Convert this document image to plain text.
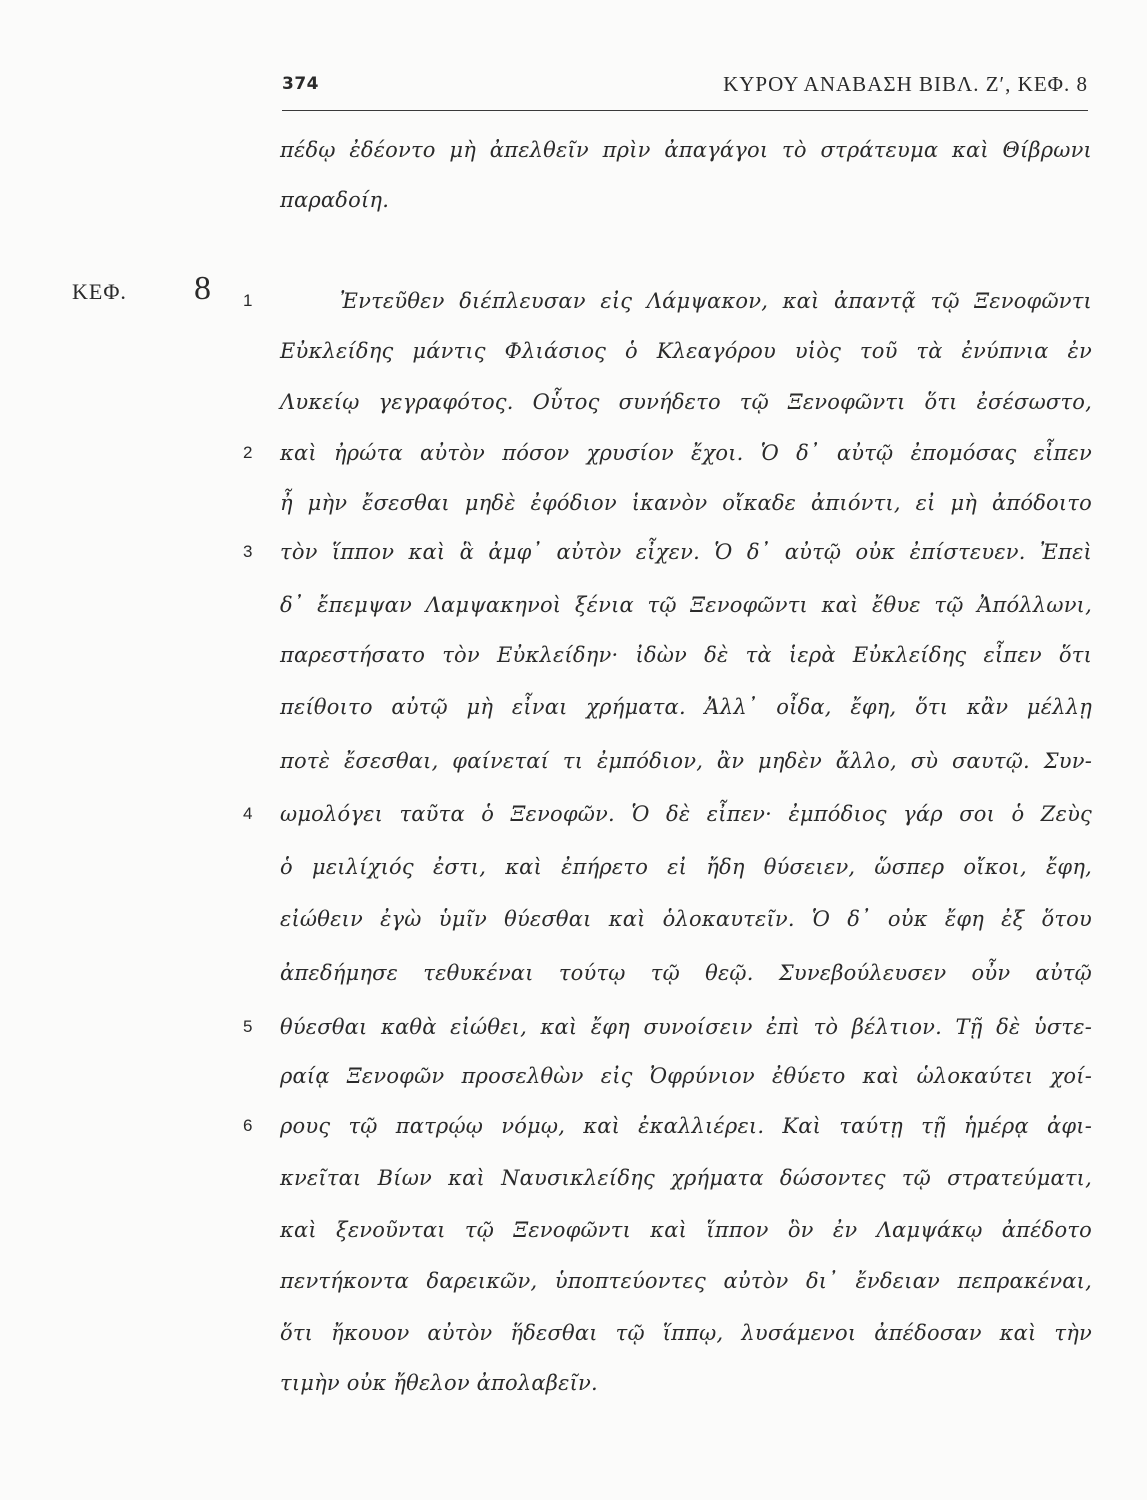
374	ΚΥΡΟΥ ΑΝΑΒΑΣΗ ΒΙΒΛ. Ζʹ, ΚΕΦ. 8
ΚΕΦ. 8 1
2
3
4
5
6
πέδῳ ἐδέοντο μὴ ἀπελθεῖν πρὶν ἀπαγάγοι τὸ στράτευμα καὶ Θίβρωνι
παραδοίη.
Ἐντεῦθεν διέπλευσαν εἰς Λάμψακον, καὶ ἀπαντᾷ τῷ Ξενοφῶντι
Εὐκλείδης μάντις Φλιάσιος ὁ Κλεαγόρου υἱὸς τοῦ τὰ ἐνύπνια ἐν
Λυκείῳ γεγραφότος. Οὗτος συνήδετο τῷ Ξενοφῶντι ὅτι ἐσέσωστο,
καὶ ἠρώτα αὐτὸν πόσον χρυσίον ἔχοι. Ὁ δ᾽ αὐτῷ ἐπομόσας εἶπεν
ἦ μὴν ἔσεσθαι μηδὲ ἐφόδιον ἱκανὸν οἴκαδε ἀπιόντι, εἰ μὴ ἀπόδοιτο
τὸν ἵππον καὶ ἃ ἀμφ᾽ αὐτὸν εἶχεν. Ὁ δ᾽ αὐτῷ οὐκ ἐπίστευεν. Ἐπεὶ
δ᾽ ἔπεμψαν Λαμψακηνοὶ ξένια τῷ Ξενοφῶντι καὶ ἔθυε τῷ Ἀπόλλωνι,
παρεστήσατο τὸν Εὐκλείδην· ἰδὼν δὲ τὰ ἱερὰ Εὐκλείδης εἶπεν ὅτι
πείθοιτο αὐτῷ μὴ εἶναι χρήματα. Ἀλλ᾽ οἶδα, ἔφη, ὅτι κἂν μέλλῃ
ποτὲ ἔσεσθαι, φαίνεταί τι ἐμπόδιον, ἂν μηδὲν ἄλλο, σὺ σαυτῷ. Συν-
ωμολόγει ταῦτα ὁ Ξενοφῶν. Ὁ δὲ εἶπεν· ἐμπόδιος γάρ σοι ὁ Ζεὺς
ὁ μειλίχιός ἐστι, καὶ ἐπήρετο εἰ ἤδη θύσειεν, ὥσπερ οἴκοι, ἔφη,
εἰώθειν ἐγὼ ὑμῖν θύεσθαι καὶ ὁλοκαυτεῖν. Ὁ δ᾽ οὐκ ἔφη ἐξ ὅτου
ἀπεδήμησε τεθυκέναι τούτῳ τῷ θεῷ. Συνεβούλευσεν οὖν αὐτῷ
θύεσθαι καθὰ εἰώθει, καὶ ἔφη συνοίσειν ἐπὶ τὸ βέλτιον. Τῇ δὲ ὑστε-
ραίᾳ Ξενοφῶν προσελθὼν εἰς Ὀφρύνιον ἐθύετο καὶ ὡλοκαύτει χοί-
ρους τῷ πατρῴῳ νόμῳ, καὶ ἐκαλλιέρει. Καὶ ταύτῃ τῇ ἡμέρᾳ ἀφι-
κνεῖται Βίων καὶ Ναυσικλείδης χρήματα δώσοντες τῷ στρατεύματι,
καὶ ξενοῦνται τῷ Ξενοφῶντι καὶ ἵππον ὃν ἐν Λαμψάκῳ ἀπέδοτο
πεντήκοντα δαρεικῶν, ὑποπτεύοντες αὐτὸν δι᾽ ἔνδειαν πεπρακέναι,
ὅτι ἤκουον αὐτὸν ἥδεσθαι τῷ ἵππῳ, λυσάμενοι ἀπέδοσαν καὶ τὴν
τιμὴν οὐκ ἤθελον ἀπολαβεῖν.
